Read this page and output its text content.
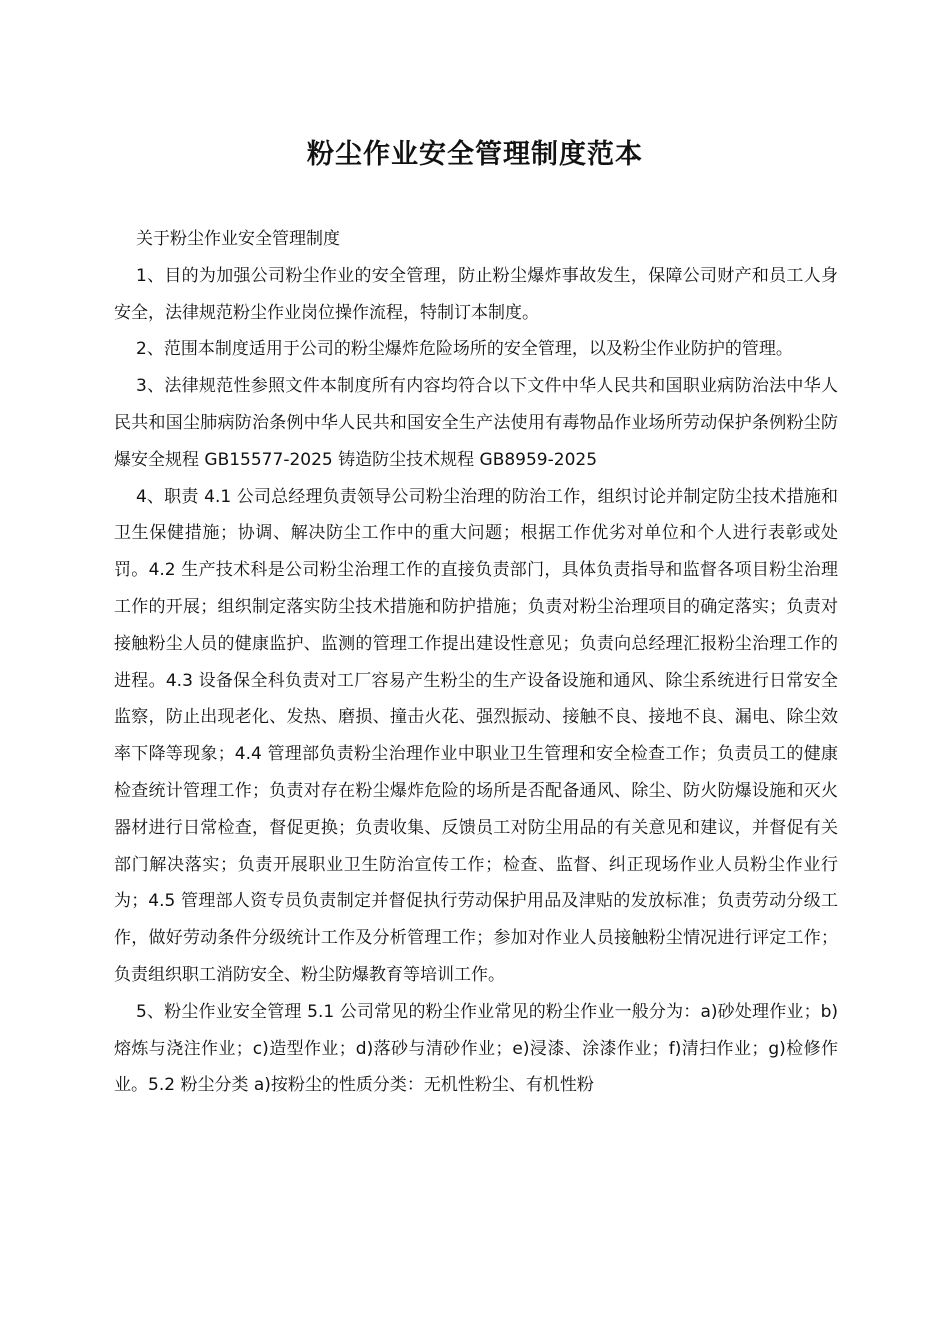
粉尘作业安全管理制度范本

关于粉尘作业安全管理制度

1、目的为加强公司粉尘作业的安全管理，防止粉尘爆炸事故发生，保障公司财产和员工人身安全，法律规范粉尘作业岗位操作流程，特制订本制度。

2、范围本制度适用于公司的粉尘爆炸危险场所的安全管理，以及粉尘作业防护的管理。

3、法律规范性参照文件本制度所有内容均符合以下文件中华人民共和国职业病防治法中华人民共和国尘肺病防治条例中华人民共和国安全生产法使用有毒物品作业场所劳动保护条例粉尘防爆安全规程 GB15577-2025 铸造防尘技术规程 GB8959-2025

4、职责 4.1 公司总经理负责领导公司粉尘治理的防治工作，组织讨论并制定防尘技术措施和卫生保健措施；协调、解决防尘工作中的重大问题；根据工作优劣对单位和个人进行表彰或处罚。4.2 生产技术科是公司粉尘治理工作的直接负责部门，具体负责指导和监督各项目粉尘治理工作的开展；组织制定落实防尘技术措施和防护措施；负责对粉尘治理项目的确定落实；负责对接触粉尘人员的健康监护、监测的管理工作提出建设性意见；负责向总经理汇报粉尘治理工作的进程。4.3 设备保全科负责对工厂容易产生粉尘的生产设备设施和通风、除尘系统进行日常安全监察，防止出现老化、发热、磨损、撞击火花、强烈振动、接触不良、接地不良、漏电、除尘效率下降等现象；4.4 管理部负责粉尘治理作业中职业卫生管理和安全检查工作；负责员工的健康检查统计管理工作；负责对存在粉尘爆炸危险的场所是否配备通风、除尘、防火防爆设施和灭火器材进行日常检查，督促更换；负责收集、反馈员工对防尘用品的有关意见和建议，并督促有关部门解决落实；负责开展职业卫生防治宣传工作；检查、监督、纠正现场作业人员粉尘作业行为；4.5 管理部人资专员负责制定并督促执行劳动保护用品及津贴的发放标准；负责劳动分级工作，做好劳动条件分级统计工作及分析管理工作；参加对作业人员接触粉尘情况进行评定工作；负责组织职工消防安全、粉尘防爆教育等培训工作。

5、粉尘作业安全管理 5.1 公司常见的粉尘作业常见的粉尘作业一般分为：a)砂处理作业；b)熔炼与浇注作业；c)造型作业；d)落砂与清砂作业；e)浸漆、涂漆作业；f)清扫作业；g)检修作业。5.2 粉尘分类 a)按粉尘的性质分类：无机性粉尘、有机性粉
